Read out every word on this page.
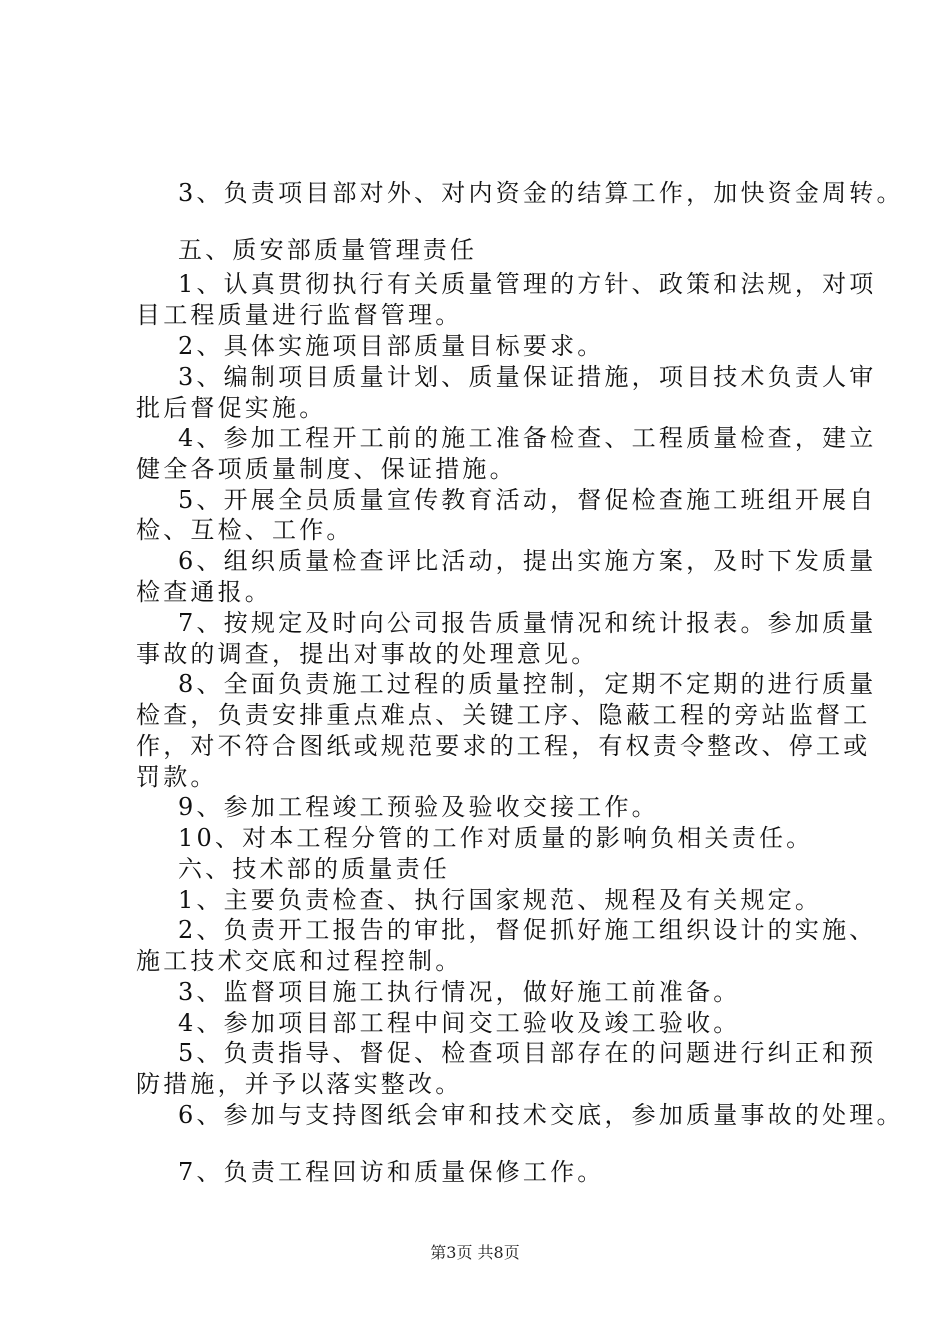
3、负责项目部对外、对内资金的结算工作，加快资金周转。
五、质安部质量管理责任
1、认真贯彻执行有关质量管理的方针、政策和法规，对项
目工程质量进行监督管理。
2、具体实施项目部质量目标要求。
3、编制项目质量计划、质量保证措施，项目技术负责人审
批后督促实施。
4、参加工程开工前的施工准备检查、工程质量检查，建立
健全各项质量制度、保证措施。
5、开展全员质量宣传教育活动，督促检查施工班组开展自
检、互检、工作。
6、组织质量检查评比活动，提出实施方案，及时下发质量
检查通报。
7、按规定及时向公司报告质量情况和统计报表。参加质量
事故的调查，提出对事故的处理意见。
8、全面负责施工过程的质量控制，定期不定期的进行质量
检查，负责安排重点难点、关键工序、隐蔽工程的旁站监督工
作，对不符合图纸或规范要求的工程，有权责令整改、停工或
罚款。
9、参加工程竣工预验及验收交接工作。
10、对本工程分管的工作对质量的影响负相关责任。
六、技术部的质量责任
1、主要负责检查、执行国家规范、规程及有关规定。
2、负责开工报告的审批，督促抓好施工组织设计的实施、
施工技术交底和过程控制。
3、监督项目施工执行情况，做好施工前准备。
4、参加项目部工程中间交工验收及竣工验收。
5、负责指导、督促、检查项目部存在的问题进行纠正和预
防措施，并予以落实整改。
6、参加与支持图纸会审和技术交底，参加质量事故的处理。
7、负责工程回访和质量保修工作。
第3页 共8页
